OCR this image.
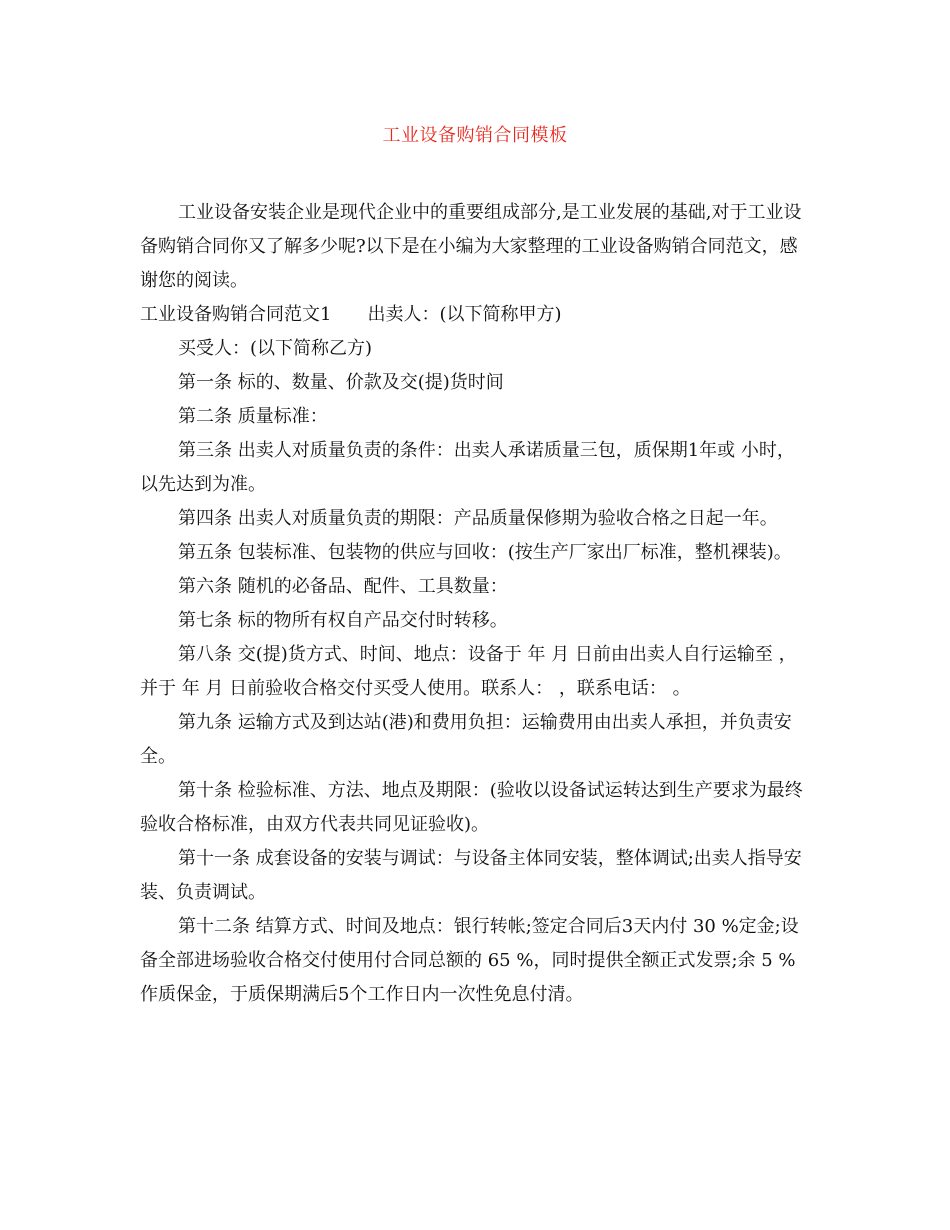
工业设备购销合同模板

工业设备安装企业是现代企业中的重要组成部分,是工业发展的基础,对于工业设备购销合同你又了解多少呢?以下是在小编为大家整理的工业设备购销合同范文，感谢您的阅读。

工业设备购销合同范文1 出卖人：(以下简称甲方)

买受人：(以下简称乙方)

第一条 标的、数量、价款及交(提)货时间

第二条 质量标准：

第三条 出卖人对质量负责的条件：出卖人承诺质量三包，质保期1年或 小时，以先达到为准。

第四条 出卖人对质量负责的期限：产品质量保修期为验收合格之日起一年。

第五条 包装标准、包装物的供应与回收：(按生产厂家出厂标准，整机裸装)。

第六条 随机的必备品、配件、工具数量：

第七条 标的物所有权自产品交付时转移。

第八条 交(提)货方式、时间、地点：设备于 年 月 日前由出卖人自行运输至 ，并于 年 月 日前验收合格交付买受人使用。联系人： ，联系电话： 。

第九条 运输方式及到达站(港)和费用负担：运输费用由出卖人承担，并负责安全。

第十条 检验标准、方法、地点及期限：(验收以设备试运转达到生产要求为最终验收合格标准，由双方代表共同见证验收)。

第十一条 成套设备的安装与调试：与设备主体同安装，整体调试;出卖人指导安装、负责调试。

第十二条 结算方式、时间及地点：银行转帐;签定合同后3天内付 30 %定金;设备全部进场验收合格交付使用付合同总额的 65 %，同时提供全额正式发票;余 5 %作质保金，于质保期满后5个工作日内一次性免息付清。
